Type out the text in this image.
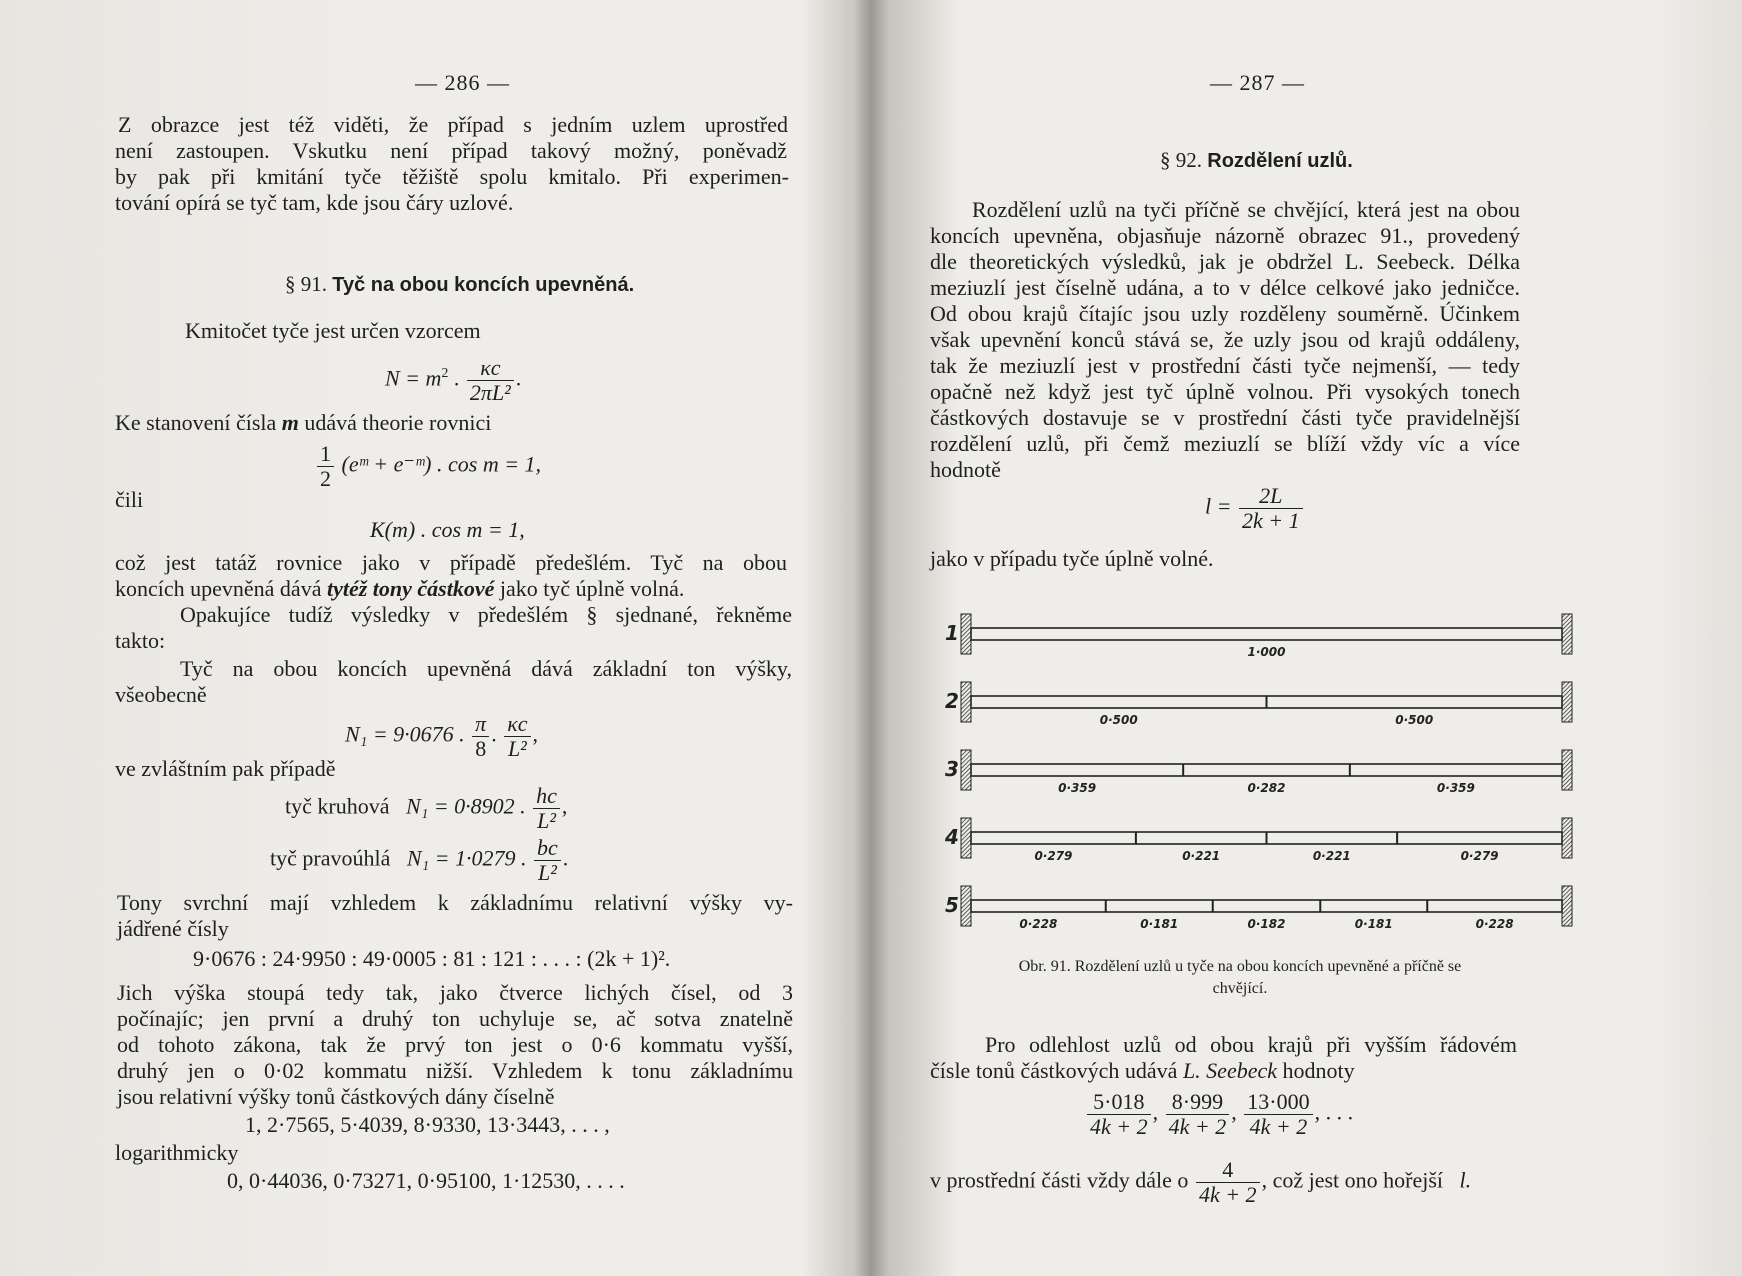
— 286 —
Z obrazce jest též viděti, že případ s jedním uzlem uprostřed
není zastoupen. Vskutku není případ takový možný, poněvadž
by pak při kmitání tyče těžiště spolu kmitalo. Při experimen-
tování opírá se tyč tam, kde jsou čáry uzlové.
§ 91. Tyč na obou koncích upevněná.
Kmitočet tyče jest určen vzorcem
$N = m^2$ . $\frac{\kappa c}{\text{2πL²}}$ .
Ke stanovení čísla m udává theorie rovnici
$\frac{1}{2}$ (eᵐ + e⁻ᵐ) . cos m = 1,
čili
K(m) . cos m = 1,
což jest tatáž rovnice jako v případě předešlém. Tyč na obou
koncích upevněná dává tytéž tony částkové jako tyč úplně volná.
Opakujíce tudíž výsledky v předešlém § sjednané, řekněme
takto:
Tyč na obou koncích upevněná dává základní ton výšky,
všeobecně
N₁ = 9·0676 . $\frac{\pi}{8}$ . $\frac{\kappa c}{\text{L²}}$ ,
ve zvláštním pak případě
tyč kruhová N₁ = 0·8902 . $\frac{hc}{\text{L²}}$ ,
tyč pravoúhlá N₁ = 1·0279 . $\frac{bc}{\text{L²}}$ .
Tony svrchní mají vzhledem k základnímu relativní výšky vy-
jádřené čísly
9·0676 : 24·9950 : 49·0005 : 81 : 121 : . . . : (2k + 1)².
Jich výška stoupá tedy tak, jako čtverce lichých čísel, od 3
počínajíc; jen první a druhý ton uchyluje se, ač sotva znatelně
od tohoto zákona, tak že prvý ton jest o 0·6 kommatu vyšší,
druhý jen o 0·02 kommatu nižší. Vzhledem k tonu základnímu
jsou relativní výšky tonů částkových dány číselně
1, 2·7565, 5·4039, 8·9330, 13·3443, . . . ,
logarithmicky
0, 0·44036, 0·73271, 0·95100, 1·12530, . . . .
— 287 —
§ 92. Rozdělení uzlů.
Rozdělení uzlů na tyči příčně se chvějící, která jest na obou
koncích upevněna, objasňuje názorně obrazec 91., provedený
dle theoretických výsledků, jak je obdržel L. Seebeck. Délka
meziuzlí jest číselně udána, a to v délce celkové jako jedničce.
Od obou krajů čítajíc jsou uzly rozděleny souměrně. Účinkem
však upevnění konců stává se, že uzly jsou od krajů oddáleny,
tak že meziuzlí jest v prostřední části tyče nejmenší, — tedy
opačně než když jest tyč úplně volnou. Při vysokých tonech
částkových dostavuje se v prostřední části tyče pravidelnější
rozdělení uzlů, při čemž meziuzlí se blíží vždy víc a více
hodnotě
$l = \frac{2L}{2k + 1}$
jako v případu tyče úplně volné.
Obr. 91. Rozdělení uzlů u tyče na obou koncích upevněné a příčně se
chvějící.
Pro odlehlost uzlů od obou krajů při vyšším řádovém
čísle tonů částkových udává L. Seebeck hodnoty
$\frac{5\cdot 018}{4k + 2}$ , $\frac{8\cdot 999}{4k + 2}$ , $\frac{13\cdot 000}{4k + 2}$ , . . .
v prostřední části vždy dále o $\frac{4}{4k + 2}$ , což jest ono hořejší l.
1
1·000
2
0·500	0·500
3
0·359	0·282	0·359
4
0·279	0·221	0·221	0·279
5
0·228	0·181	0·182	0·181	0·228
